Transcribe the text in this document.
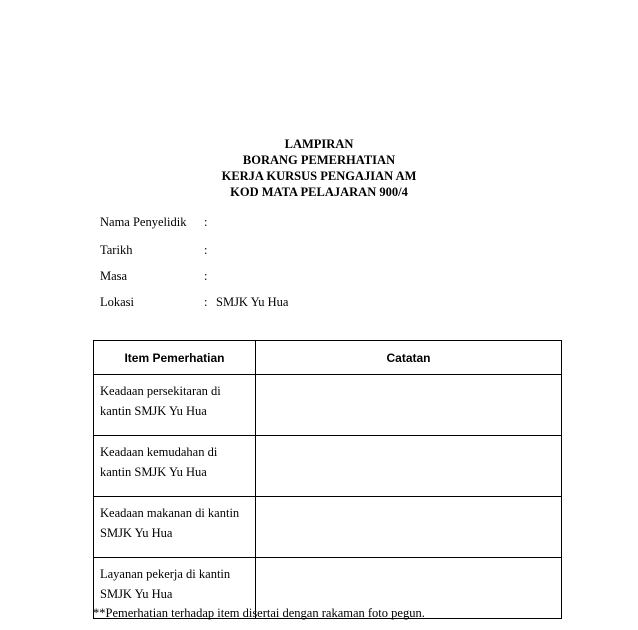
LAMPIRAN
BORANG PEMERHATIAN
KERJA KURSUS PENGAJIAN AM
KOD MATA PELAJARAN 900/4
Nama Penyelidik :
Tarikh	:
Masa	:
Lokasi	: SMJK Yu Hua
Item Pemerhatian	Catatan

Keadaan persekitaran di
kantin SMJK Yu Hua	

Keadaan kemudahan di
kantin SMJK Yu Hua	

Keadaan makanan di kantin
SMJK Yu Hua	

Layanan pekerja di kantin
SMJK Yu Hua	

**Pemerhatian terhadap item disertai dengan rakaman foto pegun.
